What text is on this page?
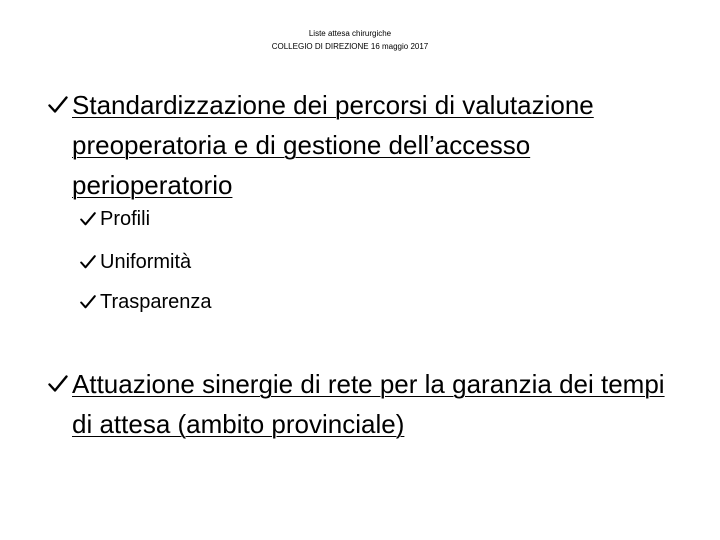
Liste attesa chirurgiche
COLLEGIO DI DIREZIONE 16 maggio 2017
Standardizzazione dei percorsi di valutazione preoperatoria e di gestione dell’accesso perioperatorio
Profili
Uniformità
Trasparenza
Attuazione sinergie di rete per la garanzia dei tempi di attesa (ambito provinciale)
